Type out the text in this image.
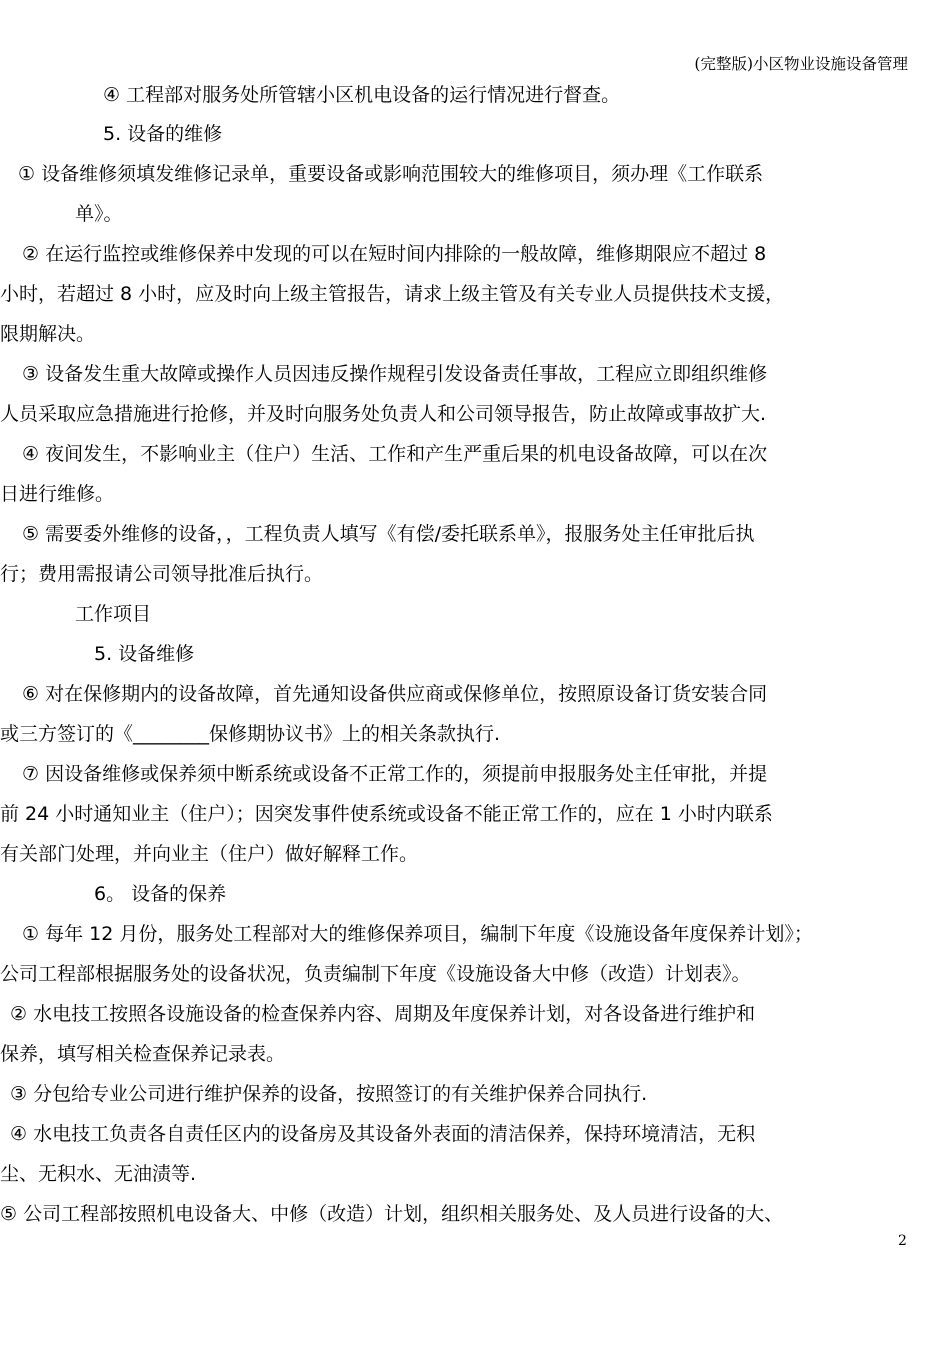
(完整版)小区物业设施设备管理
④ 工程部对服务处所管辖小区机电设备的运行情况进行督查。
5. 设备的维修
① 设备维修须填发维修记录单，重要设备或影响范围较大的维修项目，须办理《工作联系
单》。
② 在运行监控或维修保养中发现的可以在短时间内排除的一般故障，维修期限应不超过 8
小时，若超过 8 小时，应及时向上级主管报告，请求上级主管及有关专业人员提供技术支援，
限期解决。
③ 设备发生重大故障或操作人员因违反操作规程引发设备责任事故，工程应立即组织维修
人员采取应急措施进行抢修，并及时向服务处负责人和公司领导报告，防止故障或事故扩大.
④ 夜间发生，不影响业主（住户）生活、工作和产生严重后果的机电设备故障，可以在次
日进行维修。
⑤ 需要委外维修的设备，，工程负责人填写《有偿/委托联系单》，报服务处主任审批后执
行；费用需报请公司领导批准后执行。
工作项目
5. 设备维修
⑥ 对在保修期内的设备故障，首先通知设备供应商或保修单位，按照原设备订货安装合同
或三方签订的《________保修期协议书》上的相关条款执行.
⑦ 因设备维修或保养须中断系统或设备不正常工作的，须提前申报服务处主任审批，并提
前 24 小时通知业主（住户）；因突发事件使系统或设备不能正常工作的，应在 1 小时内联系
有关部门处理，并向业主（住户）做好解释工作。
6。 设备的保养
① 每年 12 月份，服务处工程部对大的维修保养项目，编制下年度《设施设备年度保养计划》；
公司工程部根据服务处的设备状况，负责编制下年度《设施设备大中修（改造）计划表》。
② 水电技工按照各设施设备的检查保养内容、周期及年度保养计划，对各设备进行维护和
保养，填写相关检查保养记录表。
③ 分包给专业公司进行维护保养的设备，按照签订的有关维护保养合同执行.
④ 水电技工负责各自责任区内的设备房及其设备外表面的清洁保养，保持环境清洁，无积
尘、无积水、无油渍等.
⑤ 公司工程部按照机电设备大、中修（改造）计划，组织相关服务处、及人员进行设备的大、
2
